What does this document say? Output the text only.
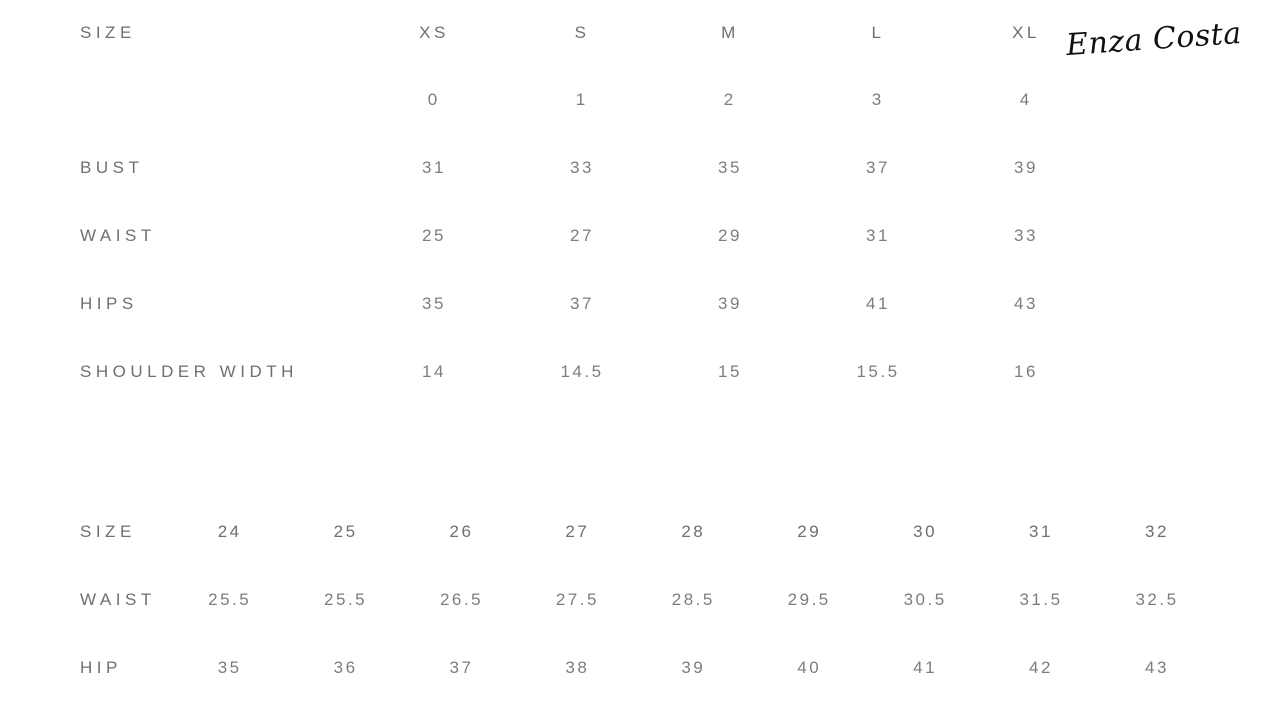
Enza Costa
SIZE	XS	S	M	L	XL
	0	1	2	3	4
BUST	31	33	35	37	39
WAIST	25	27	29	31	33
HIPS	35	37	39	41	43
SHOULDER WIDTH	14	14.5	15	15.5	16
SIZE	24	25	26	27	28	29	30	31	32
WAIST	25.5	25.5	26.5	27.5	28.5	29.5	30.5	31.5	32.5
HIP	35	36	37	38	39	40	41	42	43
